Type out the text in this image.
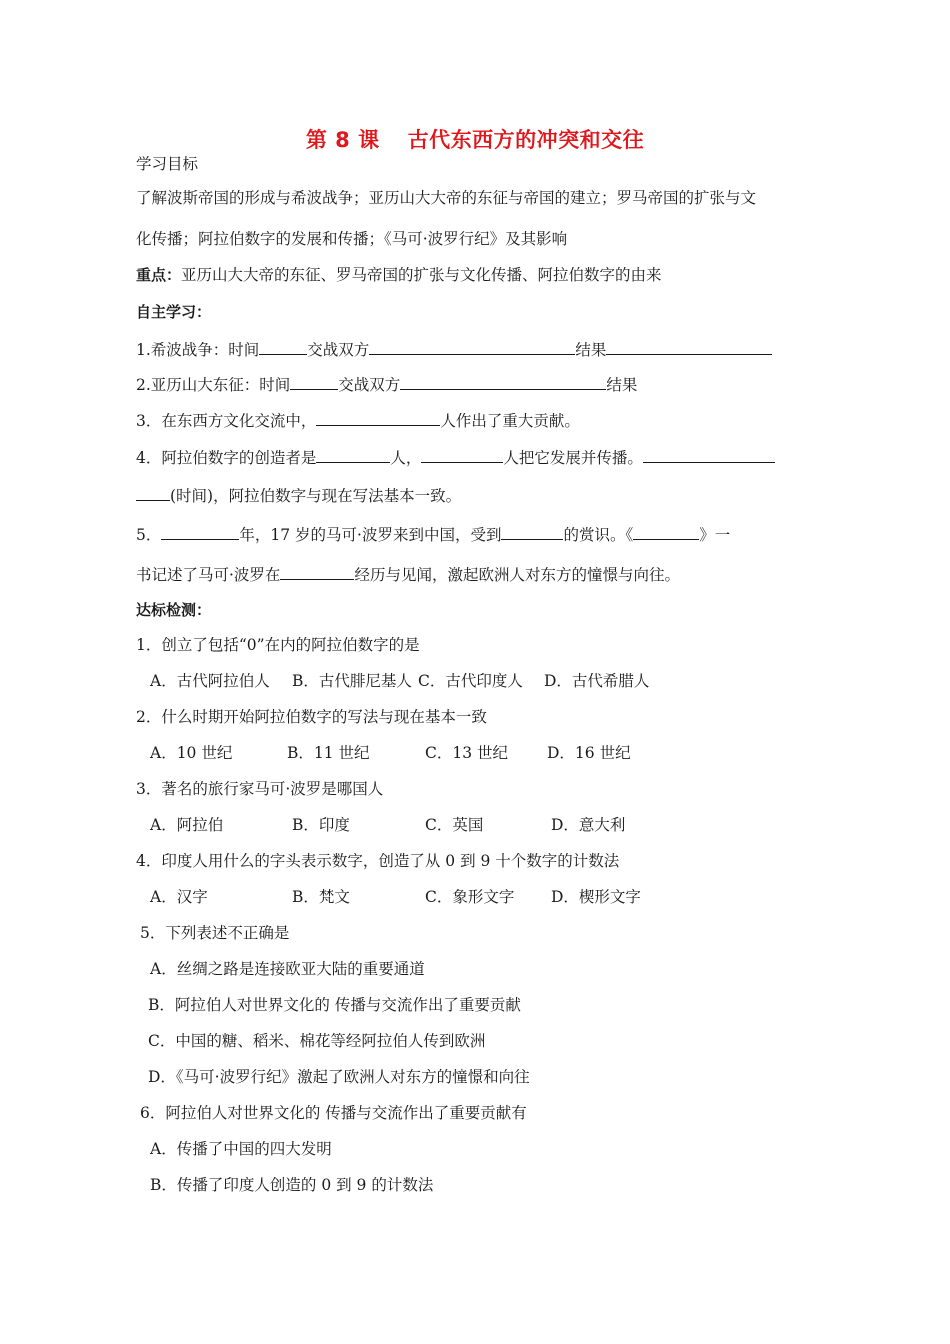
第 8 课 古代东西方的冲突和交往
学习目标
了解波斯帝国的形成与希波战争；亚历山大大帝的东征与帝国的建立；罗马帝国的扩张与文
化传播；阿拉伯数字的发展和传播；《马可·波罗行纪》及其影响
重点：亚历山大大帝的东征、罗马帝国的扩张与文化传播、阿拉伯数字的由来
自主学习：
1.希波战争：时间	交战双方	结果
2.亚历山大东征：时间	交战双方	结果
3．在东西方文化交流中，	人作出了重大贡献。
4．阿拉伯数字的创造者是	人，	人把它发展并传播。
(时间)，阿拉伯数字与现在写法基本一致。
5．	年，17 岁的马可·波罗来到中国，受到	的赏识。《	》一
书记述了马可·波罗在	经历与见闻，激起欧洲人对东方的憧憬与向往。
达标检测：
1．创立了包括“0”在内的阿拉伯数字的是
A．古代阿拉伯人 B．古代腓尼基人 C．古代印度人 D．古代希腊人
2．什么时期开始阿拉伯数字的写法与现在基本一致
A．10 世纪	B．11 世纪	C．13 世纪	D．16 世纪
3．著名的旅行家马可·波罗是哪国人
A．阿拉伯	B．印度	C．英国	D．意大利
4．印度人用什么的字头表示数字，创造了从 0 到 9 十个数字的计数法
A．汉字	B．梵文	C．象形文字 D．楔形文字
5．下列表述不正确是
A．丝绸之路是连接欧亚大陆的重要通道
B．阿拉伯人对世界文化的 传播与交流作出了重要贡献
C．中国的糖、稻米、棉花等经阿拉伯人传到欧洲
D．《马可·波罗行纪》激起了欧洲人对东方的憧憬和向往
6．阿拉伯人对世界文化的 传播与交流作出了重要贡献有
A．传播了中国的四大发明
B．传播了印度人创造的 0 到 9 的计数法
